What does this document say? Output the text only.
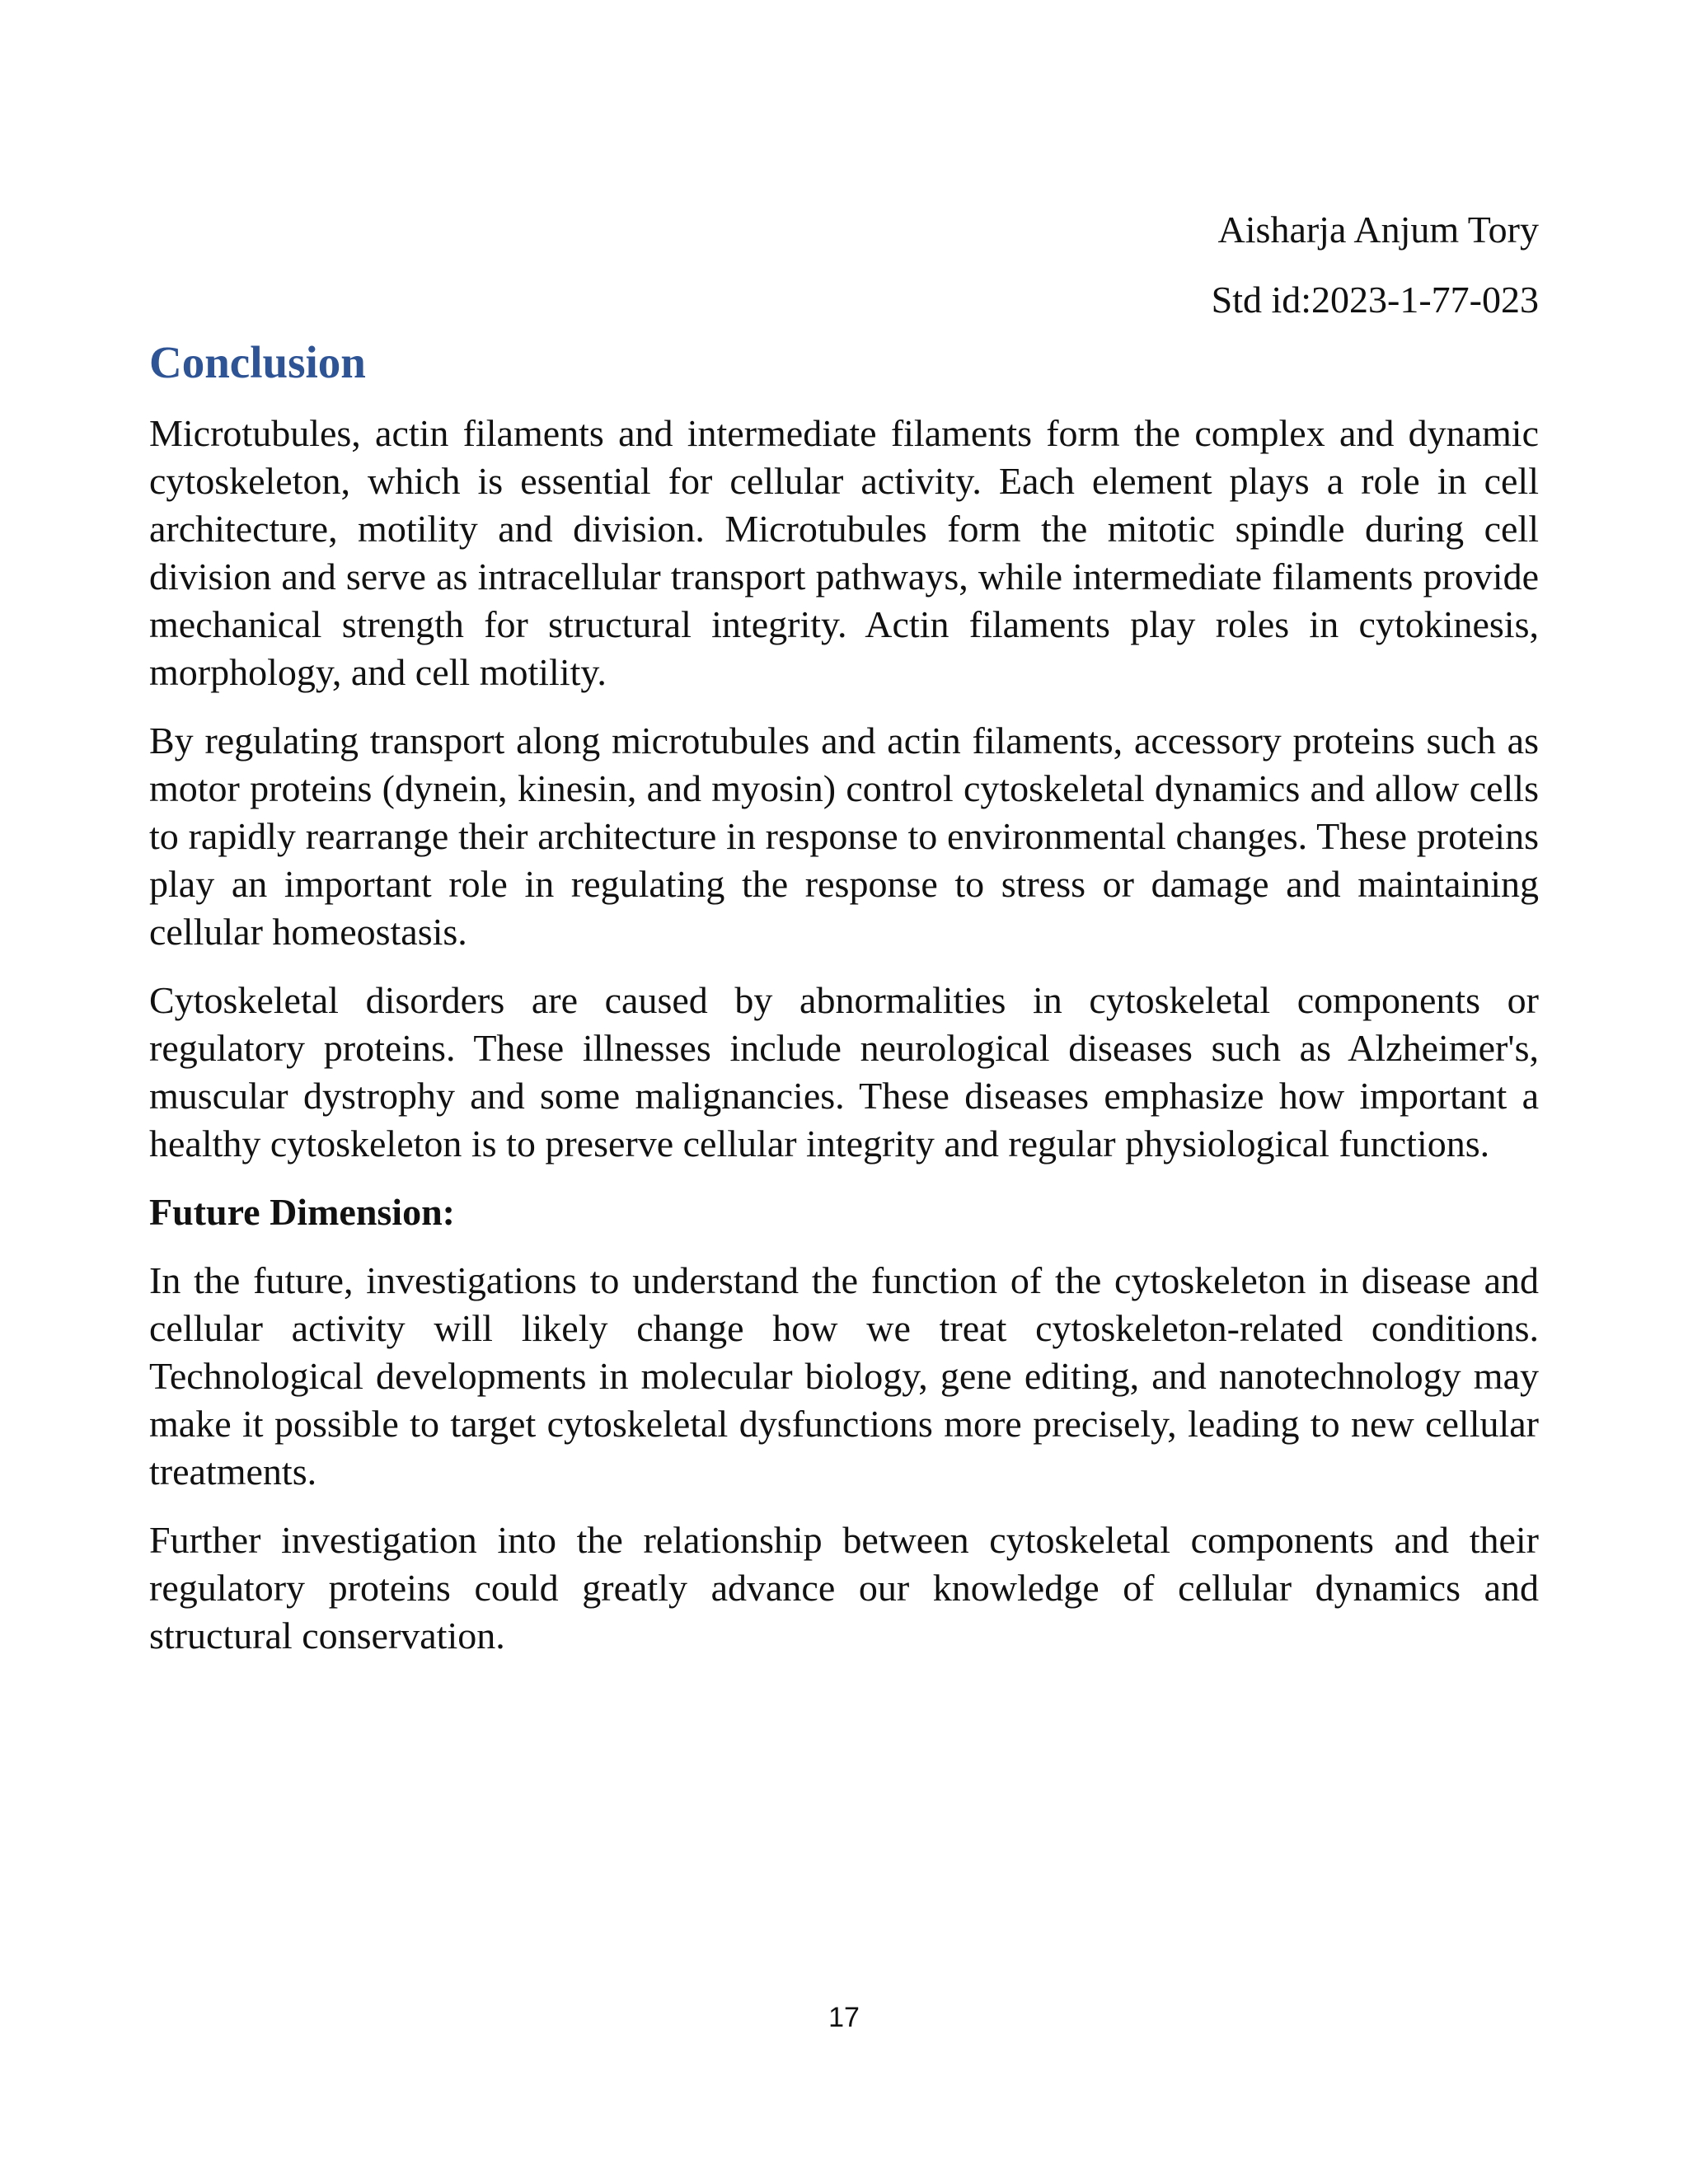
Aisharja Anjum Tory
Std id:2023-1-77-023
Conclusion

Microtubules, actin filaments and intermediate filaments form the complex and dynamic cytoskeleton, which is essential for cellular activity. Each element plays a role in cell architecture, motility and division. Microtubules form the mitotic spindle during cell division and serve as intracellular transport pathways, while intermediate filaments provide mechanical strength for structural integrity. Actin filaments play roles in cytokinesis, morphology, and cell motility.

By regulating transport along microtubules and actin filaments, accessory proteins such as motor proteins (dynein, kinesin, and myosin) control cytoskeletal dynamics and allow cells to rapidly rearrange their architecture in response to environmental changes. These proteins play an important role in regulating the response to stress or damage and maintaining cellular homeostasis.

Cytoskeletal disorders are caused by abnormalities in cytoskeletal components or regulatory proteins. These illnesses include neurological diseases such as Alzheimer's, muscular dystrophy and some malignancies. These diseases emphasize how important a healthy cytoskeleton is to preserve cellular integrity and regular physiological functions.

Future Dimension:

In the future, investigations to understand the function of the cytoskeleton in disease and cellular activity will likely change how we treat cytoskeleton-related conditions. Technological developments in molecular biology, gene editing, and nanotechnology may make it possible to target cytoskeletal dysfunctions more precisely, leading to new cellular treatments.

Further investigation into the relationship between cytoskeletal components and their regulatory proteins could greatly advance our knowledge of cellular dynamics and structural conservation.

17
